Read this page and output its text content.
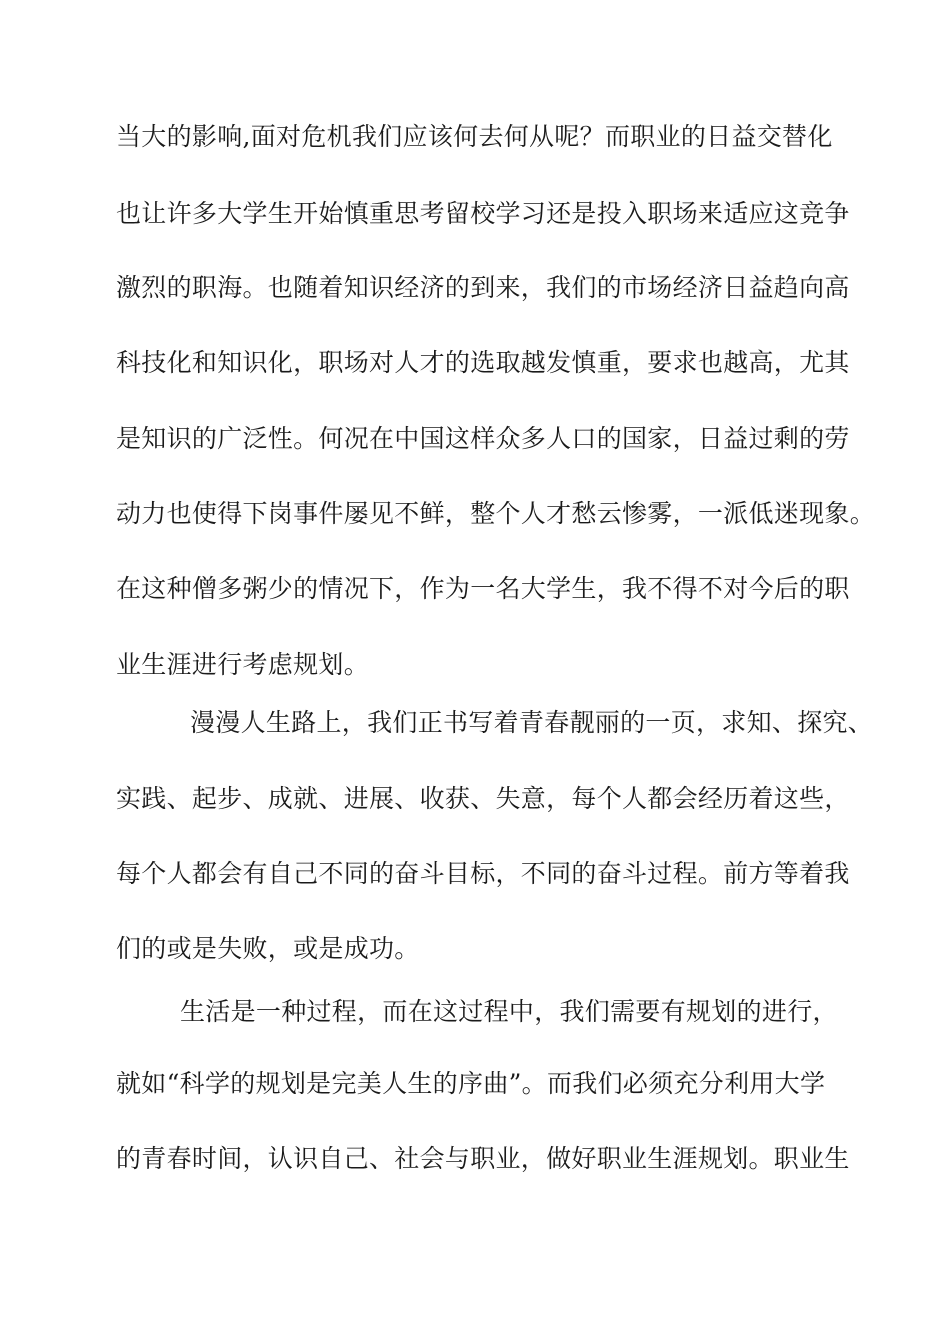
当大的影响,面对危机我们应该何去何从呢？而职业的日益交替化
也让许多大学生开始慎重思考留校学习还是投入职场来适应这竞争
激烈的职海。也随着知识经济的到来，我们的市场经济日益趋向高
科技化和知识化，职场对人才的选取越发慎重，要求也越高，尤其
是知识的广泛性。何况在中国这样众多人口的国家，日益过剩的劳
动力也使得下岗事件屡见不鲜，整个人才愁云惨雾，一派低迷现象。
在这种僧多粥少的情况下，作为一名大学生，我不得不对今后的职
业生涯进行考虑规划。
漫漫人生路上，我们正书写着青春靓丽的一页，求知、探究、
实践、起步、成就、进展、收获、失意，每个人都会经历着这些，
每个人都会有自己不同的奋斗目标，不同的奋斗过程。前方等着我
们的或是失败，或是成功。
生活是一种过程，而在这过程中，我们需要有规划的进行，
就如“科学的规划是完美人生的序曲”。而我们必须充分利用大学
的青春时间，认识自己、社会与职业，做好职业生涯规划。职业生
